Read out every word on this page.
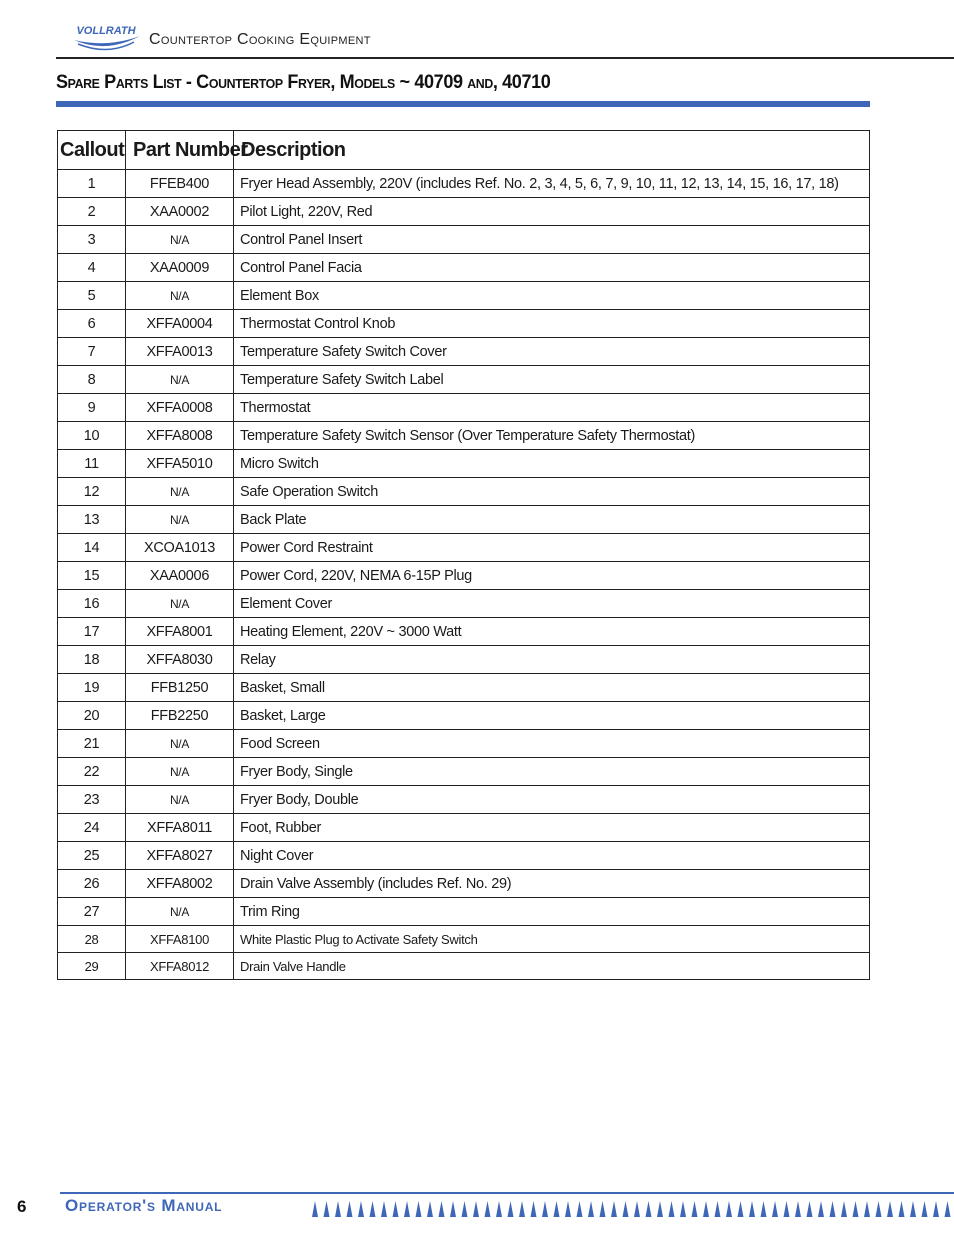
VOLLRATH Countertop Cooking Equipment
Spare Parts List - Countertop Fryer, Models ~ 40709 and, 40710
Callout	Part Number	Description
1	FFEB400	Fryer Head Assembly, 220V (includes Ref. No. 2, 3, 4, 5, 6, 7, 9, 10, 11, 12, 13, 14, 15, 16, 17, 18)
2	XAA0002	Pilot Light, 220V, Red
3	N/A	Control Panel Insert
4	XAA0009	Control Panel Facia
5	N/A	Element Box
6	XFFA0004	Thermostat Control Knob
7	XFFA0013	Temperature Safety Switch Cover
8	N/A	Temperature Safety Switch Label
9	XFFA0008	Thermostat
10	XFFA8008	Temperature Safety Switch Sensor (Over Temperature Safety Thermostat)
11	XFFA5010	Micro Switch
12	N/A	Safe Operation Switch
13	N/A	Back Plate
14	XCOA1013	Power Cord Restraint
15	XAA0006	Power Cord, 220V, NEMA 6-15P Plug
16	N/A	Element Cover
17	XFFA8001	Heating Element, 220V ~ 3000 Watt
18	XFFA8030	Relay
19	FFB1250	Basket, Small
20	FFB2250	Basket, Large
21	N/A	Food Screen
22	N/A	Fryer Body, Single
23	N/A	Fryer Body, Double
24	XFFA8011	Foot, Rubber
25	XFFA8027	Night Cover
26	XFFA8002	Drain Valve Assembly (includes Ref. No. 29)
27	N/A	Trim Ring
28	XFFA8100	White Plastic Plug to Activate Safety Switch
29	XFFA8012	Drain Valve Handle
6 Operator's Manual
